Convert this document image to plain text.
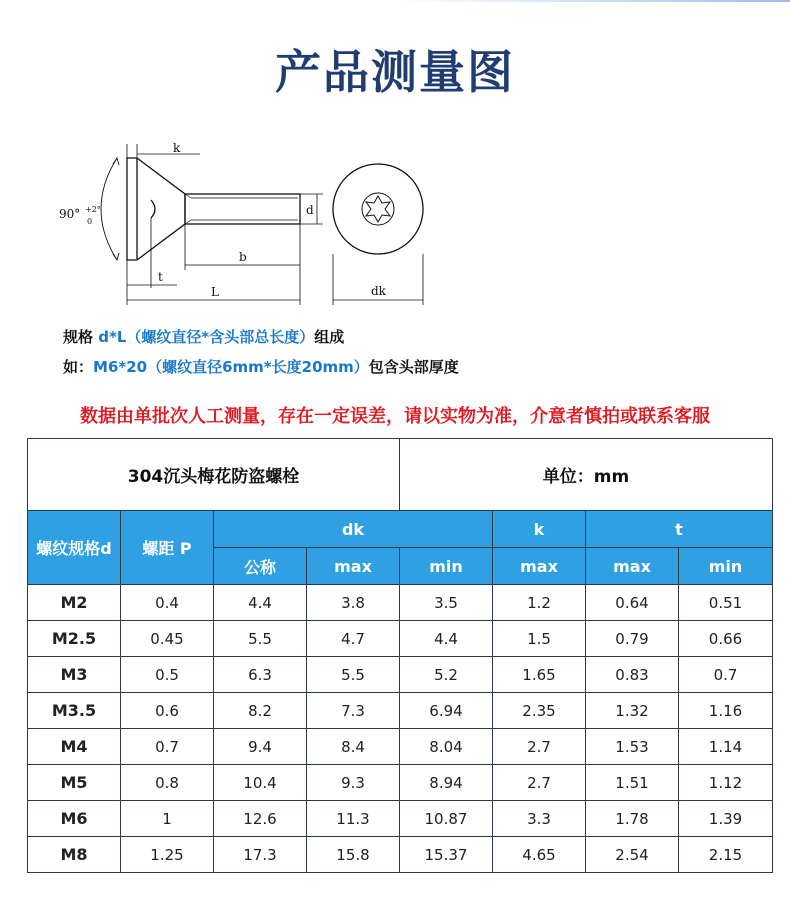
产品测量图
90° +2°
0
k
d
b
t
L	dk
规格 d*L（螺纹直径*含头部总长度）组成
如：M6*20（螺纹直径6mm*长度20mm）包含头部厚度
数据由单批次人工测量，存在一定误差，请以实物为准，介意者慎拍或联系客服
304沉头梅花防盗螺栓				单位：mm			
螺纹规格d	螺距 P	dk			k	t	
		公称	max	min	max	max	min
M2	0.4	4.4	3.8	3.5	1.2	0.64	0.51
M2.5	0.45	5.5	4.7	4.4	1.5	0.79	0.66
M3	0.5	6.3	5.5	5.2	1.65	0.83	0.7
M3.5	0.6	8.2	7.3	6.94	2.35	1.32	1.16
M4	0.7	9.4	8.4	8.04	2.7	1.53	1.14
M5	0.8	10.4	9.3	8.94	2.7	1.51	1.12
M6	1	12.6	11.3	10.87	3.3	1.78	1.39
M8	1.25	17.3	15.8	15.37	4.65	2.54	2.15
